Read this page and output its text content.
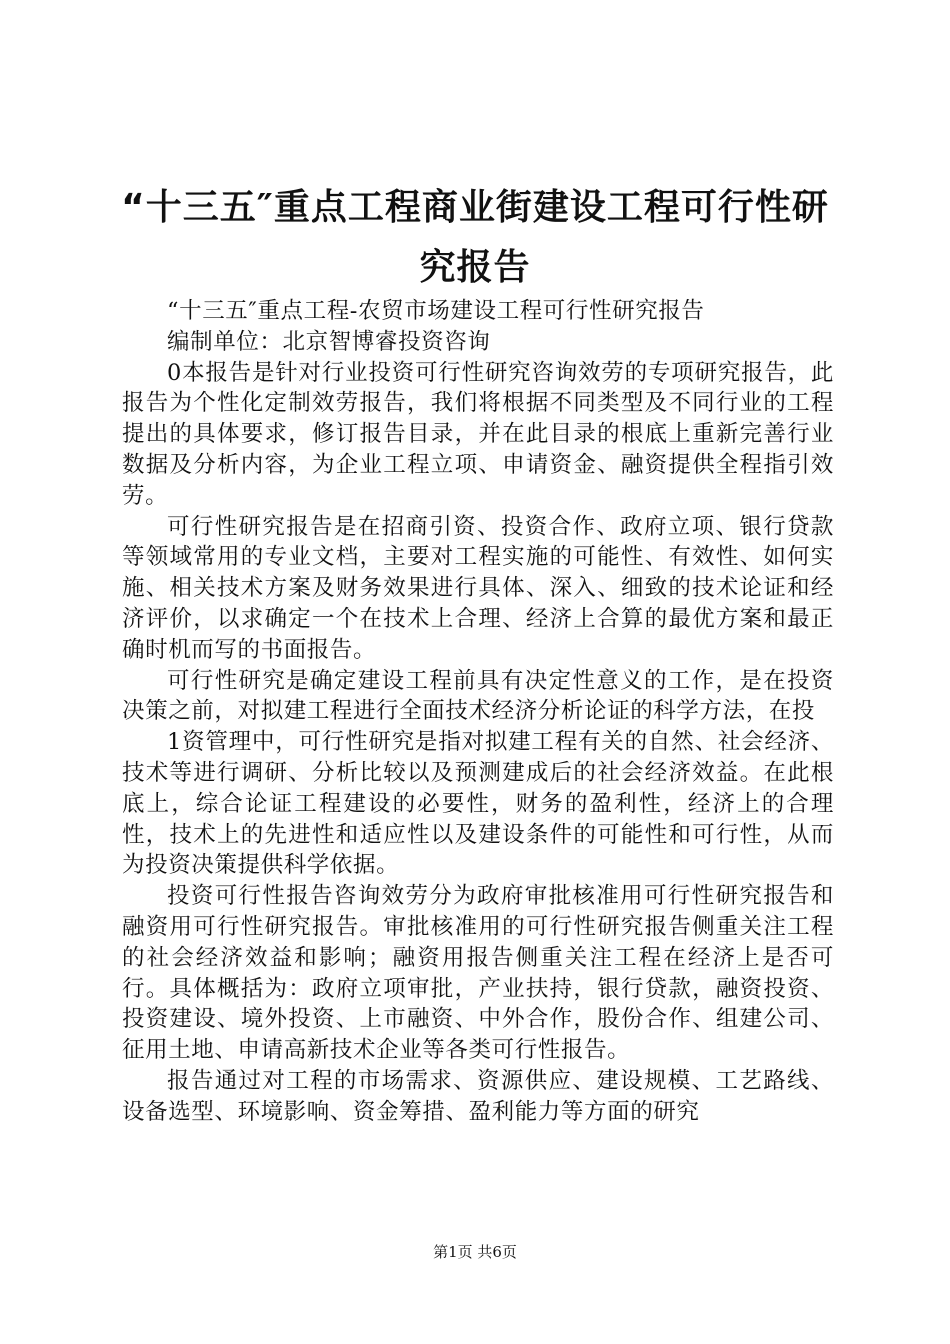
“十三五″重点工程商业街建设工程可行性研究报告

“十三五″重点工程-农贸市场建设工程可行性研究报告

编制单位：北京智博睿投资咨询

0本报告是针对行业投资可行性研究咨询效劳的专项研究报告，此报告为个性化定制效劳报告，我们将根据不同类型及不同行业的工程提出的具体要求，修订报告目录，并在此目录的根底上重新完善行业数据及分析内容，为企业工程立项、申请资金、融资提供全程指引效劳。

可行性研究报告是在招商引资、投资合作、政府立项、银行贷款等领域常用的专业文档，主要对工程实施的可能性、有效性、如何实施、相关技术方案及财务效果进行具体、深入、细致的技术论证和经济评价，以求确定一个在技术上合理、经济上合算的最优方案和最正确时机而写的书面报告。

可行性研究是确定建设工程前具有决定性意义的工作，是在投资决策之前，对拟建工程进行全面技术经济分析论证的科学方法，在投

1资管理中，可行性研究是指对拟建工程有关的自然、社会经济、技术等进行调研、分析比较以及预测建成后的社会经济效益。在此根底上，综合论证工程建设的必要性，财务的盈利性，经济上的合理性，技术上的先进性和适应性以及建设条件的可能性和可行性，从而为投资决策提供科学依据。

投资可行性报告咨询效劳分为政府审批核准用可行性研究报告和融资用可行性研究报告。审批核准用的可行性研究报告侧重关注工程的社会经济效益和影响；融资用报告侧重关注工程在经济上是否可行。具体概括为：政府立项审批，产业扶持，银行贷款，融资投资、投资建设、境外投资、上市融资、中外合作，股份合作、组建公司、征用土地、申请高新技术企业等各类可行性报告。

报告通过对工程的市场需求、资源供应、建设规模、工艺路线、设备选型、环境影响、资金筹措、盈利能力等方面的研究

第1页 共6页
